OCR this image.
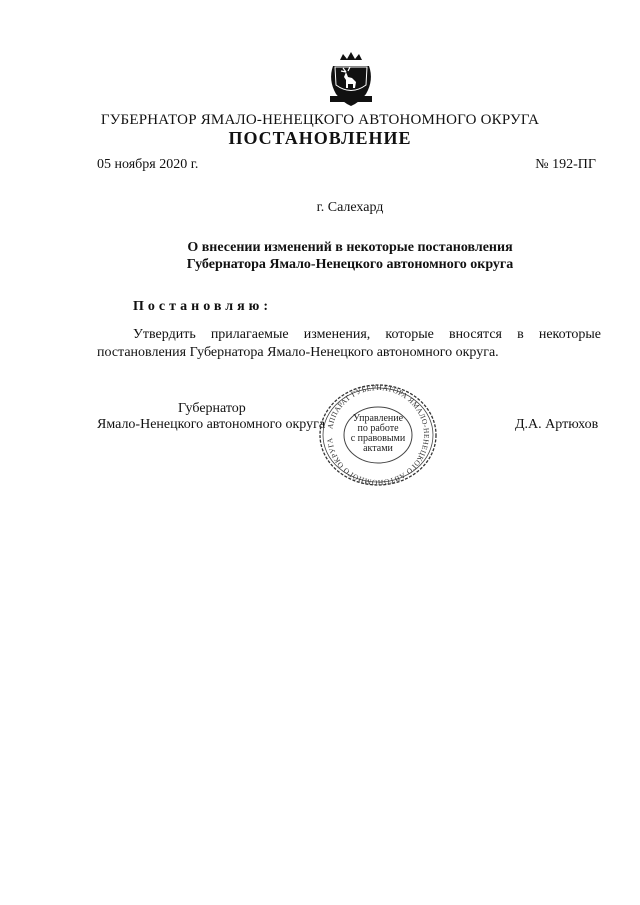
ГУБЕРНАТОР ЯМАЛО-НЕНЕЦКОГО АВТОНОМНОГО ОКРУГА
ПОСТАНОВЛЕНИЕ
05 ноября 2020 г.	№ 192-ПГ
г. Салехард
О внесении изменений в некоторые постановления
Губернатора Ямало-Ненецкого автономного округа
Постановляю:
Утвердить прилагаемые изменения, которые вносятся в некоторые постановления Губернатора Ямало-Ненецкого автономного округа.
Губернатор
Ямало-Ненецкого автономного округа	Д.А. Артюхов
АППАРАТ ГУБЕРНАТОРА ЯМАЛО-НЕНЕЦКОГО АВТОНОМНОГО ОКРУГА
Управление
по работе
с правовыми
актами
